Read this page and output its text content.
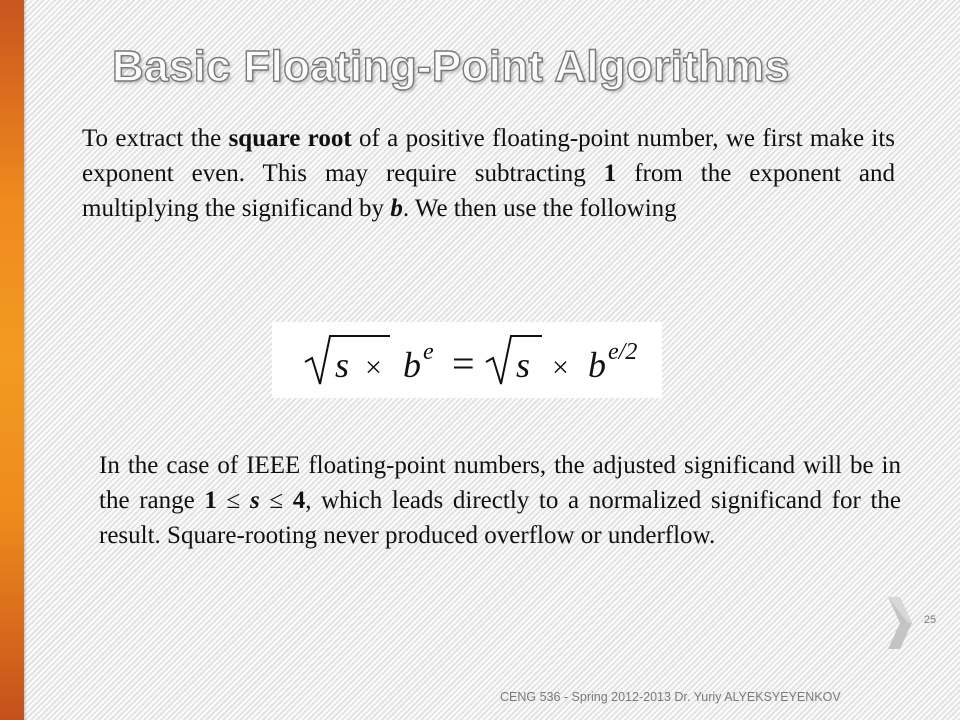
Basic Floating-Point Algorithms

To extract the square root of a positive floating-point number, we first make its exponent even. This may require subtracting 1 from the exponent and multiplying the significand by b. We then use the following

s × b e = s × b e/2

In the case of IEEE floating-point numbers, the adjusted significand will be in the range 1 ≤ s ≤ 4, which leads directly to a normalized significand for the result. Square-rooting never produced overflow or underflow.

25
CENG 536 - Spring 2012-2013 Dr. Yuriy ALYEKSYEYENKOV
